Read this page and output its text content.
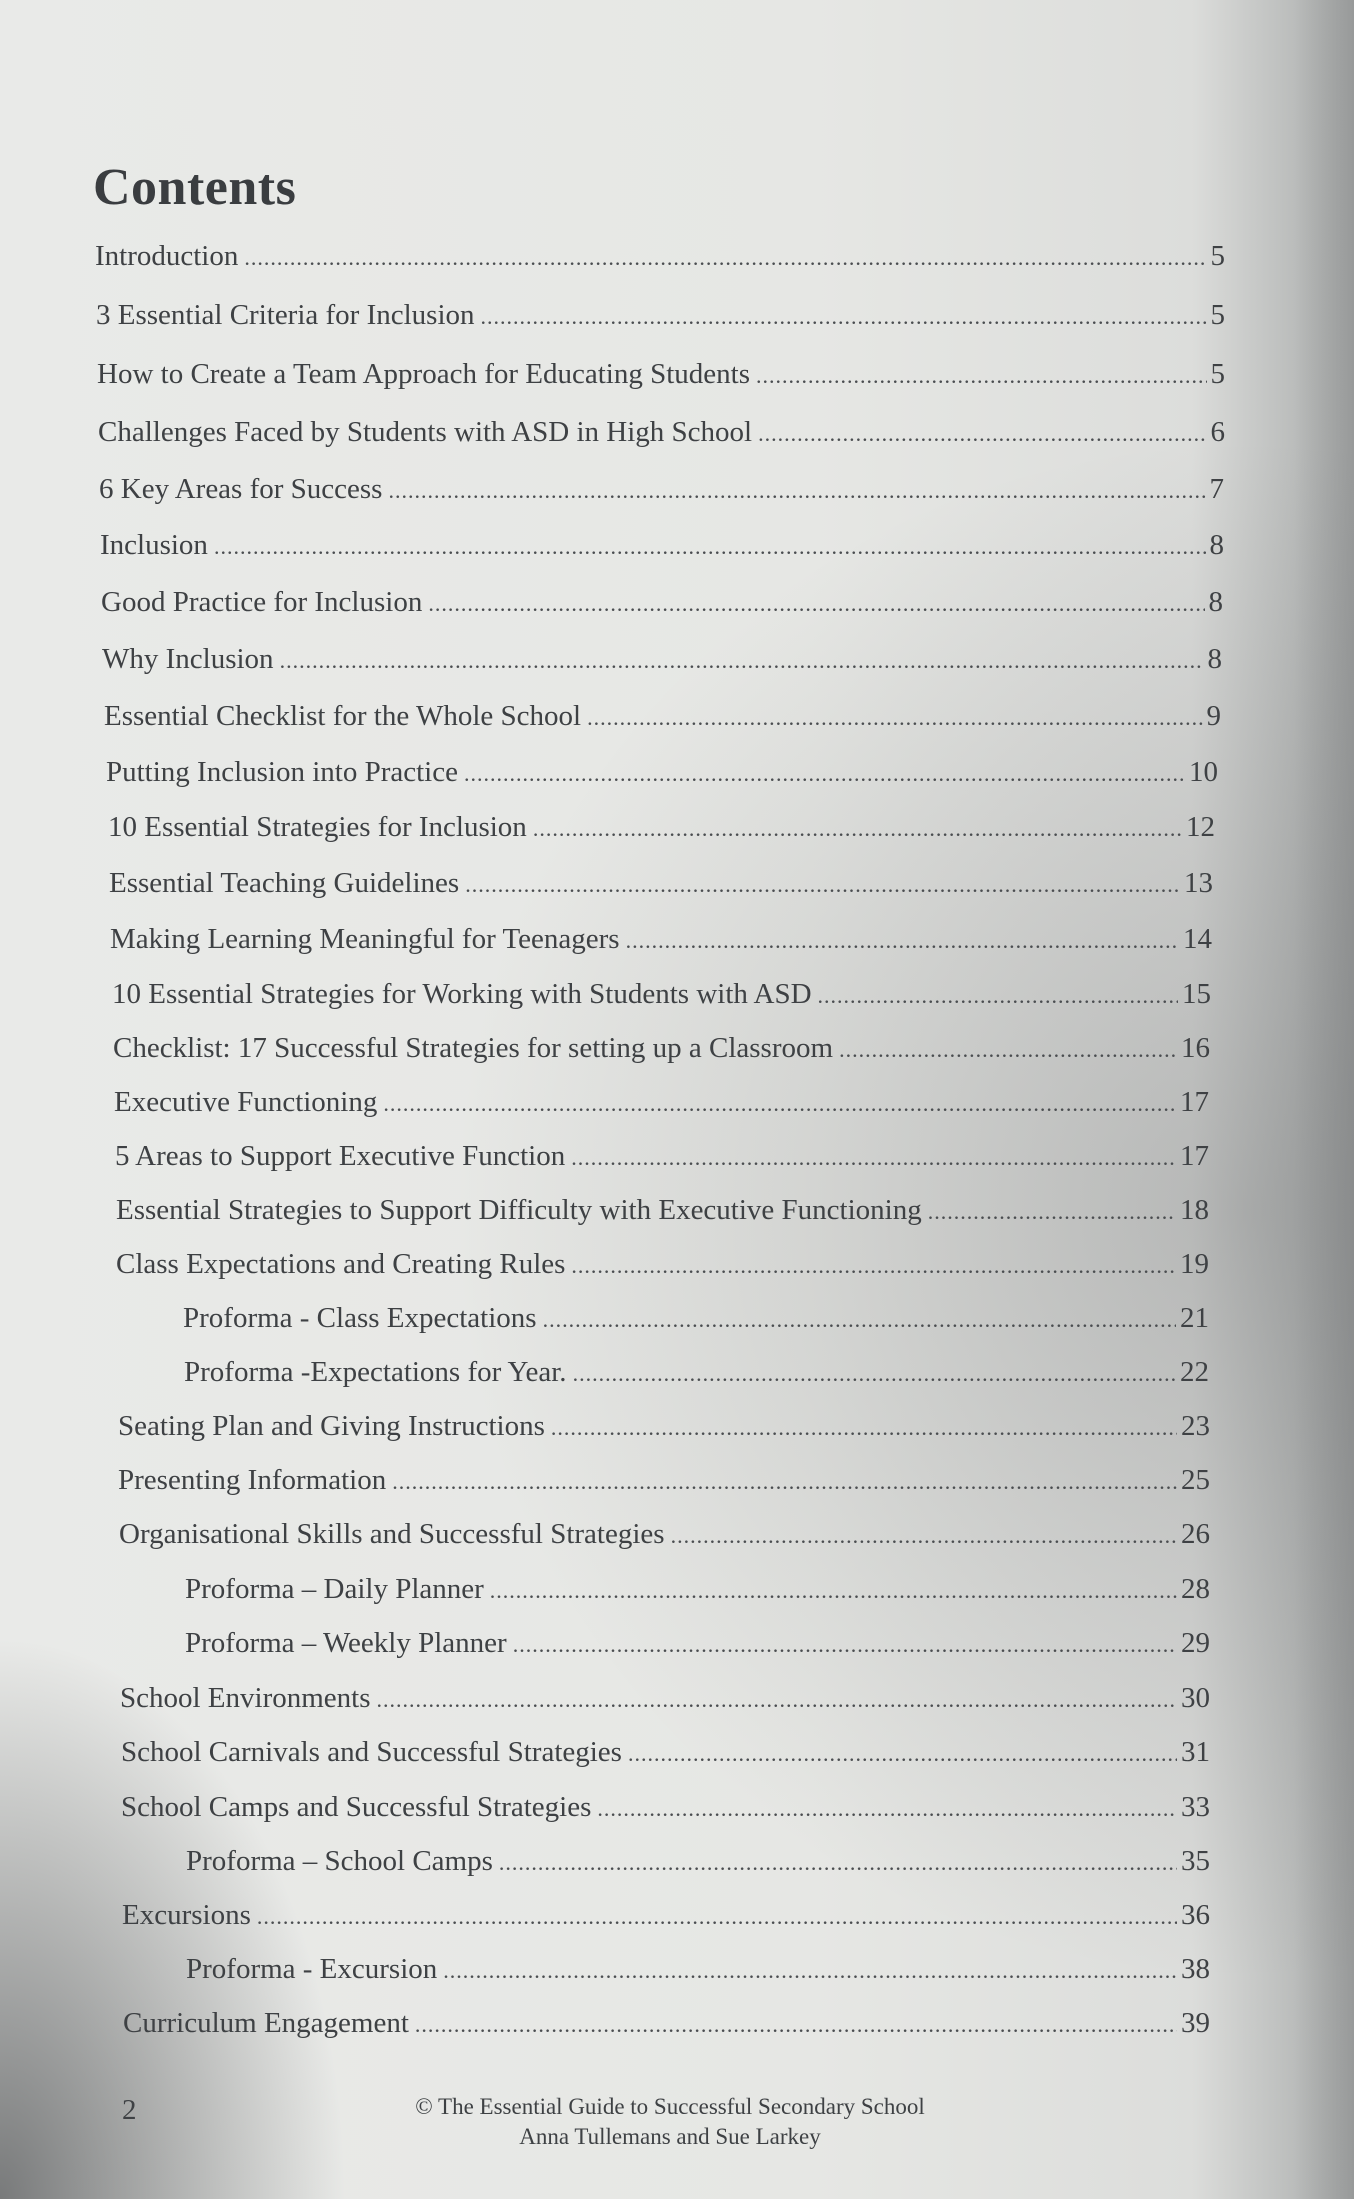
Contents
Introduction .....	5
3 Essential Criteria for Inclusion .....	5
How to Create a Team Approach for Educating Students .....	5
Challenges Faced by Students with ASD in High School .....	6
6 Key Areas for Success .....	7
Inclusion .....	8
Good Practice for Inclusion .....	8
Why Inclusion .....	8
Essential Checklist for the Whole School .....	9
Putting Inclusion into Practice .....	10
10 Essential Strategies for Inclusion .....	12
Essential Teaching Guidelines .....	13
Making Learning Meaningful for Teenagers .....	14
10 Essential Strategies for Working with Students with ASD .....	15
Checklist: 17 Successful Strategies for setting up a Classroom .....	16
Executive Functioning .....	17
5 Areas to Support Executive Function .....	17
Essential Strategies to Support Difficulty with Executive Functioning .....	18
Class Expectations and Creating Rules .....	19
Proforma - Class Expectations .....	21
Proforma -Expectations for Year. .....	22
Seating Plan and Giving Instructions .....	23
Presenting Information .....	25
Organisational Skills and Successful Strategies .....	26
Proforma – Daily Planner .....	28
Proforma – Weekly Planner .....	29
School Environments .....	30
School Carnivals and Successful Strategies .....	31
School Camps and Successful Strategies .....	33
Proforma – School Camps .....	35
Excursions .....	36
Proforma - Excursion .....	38
Curriculum Engagement .....	39
2	© The Essential Guide to Successful Secondary School
Anna Tullemans and Sue Larkey
